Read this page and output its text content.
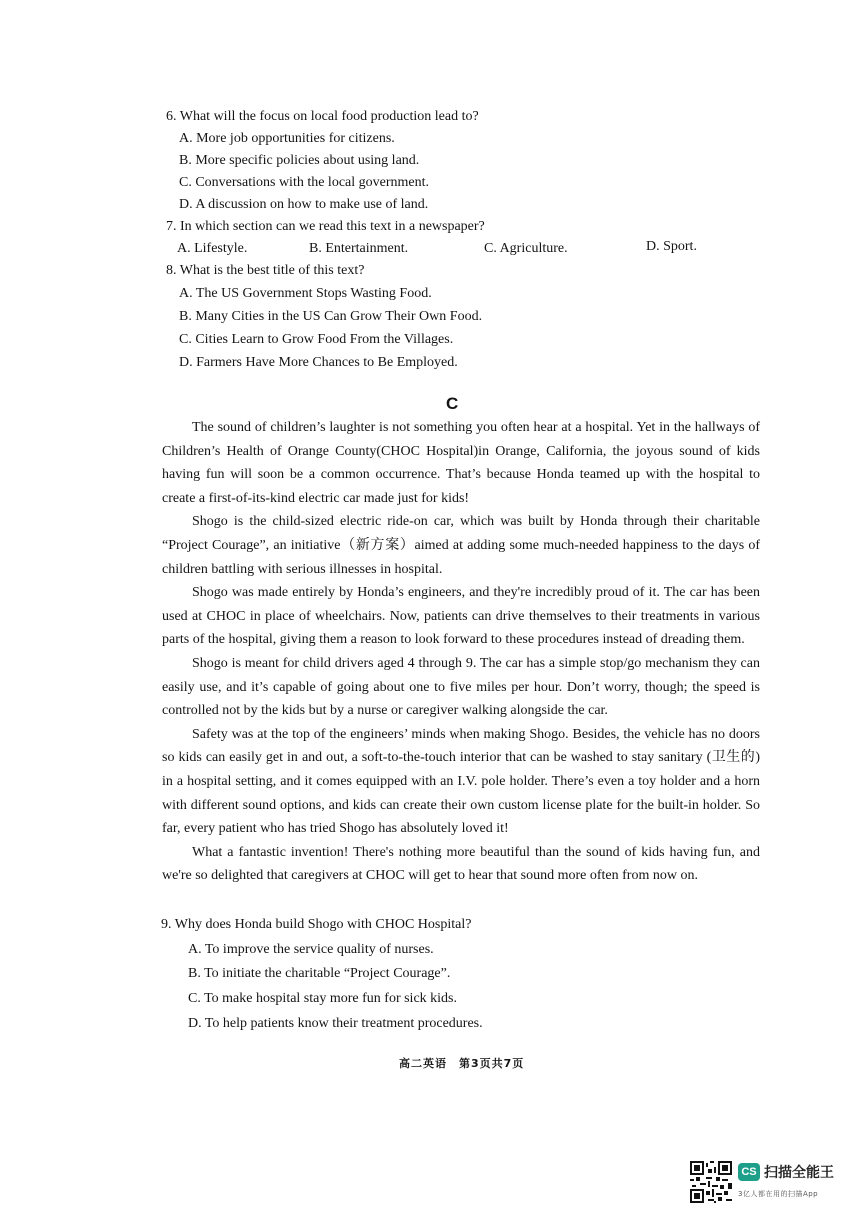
6. What will the focus on local food production lead to?
A. More job opportunities for citizens.
B. More specific policies about using land.
C. Conversations with the local government.
D. A discussion on how to make use of land.
7. In which section can we read this text in a newspaper?
A. Lifestyle.	B. Entertainment.	C. Agriculture.	D. Sport.
8. What is the best title of this text?
A. The US Government Stops Wasting Food.
B. Many Cities in the US Can Grow Their Own Food.
C. Cities Learn to Grow Food From the Villages.
D. Farmers Have More Chances to Be Employed.
C

The sound of children’s laughter is not something you often hear at a hospital. Yet in the hallways of Children’s Health of Orange County(CHOC Hospital)in Orange, California, the joyous sound of kids having fun will soon be a common occurrence. That’s because Honda teamed up with the hospital to create a first-of-its-kind electric car made just for kids!

Shogo is the child-sized electric ride-on car, which was built by Honda through their charitable “Project Courage”, an initiative（新方案）aimed at adding some much-needed happiness to the days of children battling with serious illnesses in hospital.

Shogo was made entirely by Honda’s engineers, and they're incredibly proud of it. The car has been used at CHOC in place of wheelchairs. Now, patients can drive themselves to their treatments in various parts of the hospital, giving them a reason to look forward to these procedures instead of dreading them.

Shogo is meant for child drivers aged 4 through 9. The car has a simple stop/go mechanism they can easily use, and it’s capable of going about one to five miles per hour. Don’t worry, though; the speed is controlled not by the kids but by a nurse or caregiver walking alongside the car.

Safety was at the top of the engineers’ minds when making Shogo. Besides, the vehicle has no doors so kids can easily get in and out, a soft-to-the-touch interior that can be washed to stay sanitary (卫生的) in a hospital setting, and it comes equipped with an I.V. pole holder. There’s even a toy holder and a horn with different sound options, and kids can create their own custom license plate for the built-in holder. So far, every patient who has tried Shogo has absolutely loved it!

What a fantastic invention! There's nothing more beautiful than the sound of kids having fun, and we're so delighted that caregivers at CHOC will get to hear that sound more often from now on.

9. Why does Honda build Shogo with CHOC Hospital?
A. To improve the service quality of nurses.
B. To initiate the charitable “Project Courage”.
C. To make hospital stay more fun for sick kids.
D. To help patients know their treatment procedures.
高二英语　第3页共7页
CS 扫描全能王
3亿人都在用的扫描App
